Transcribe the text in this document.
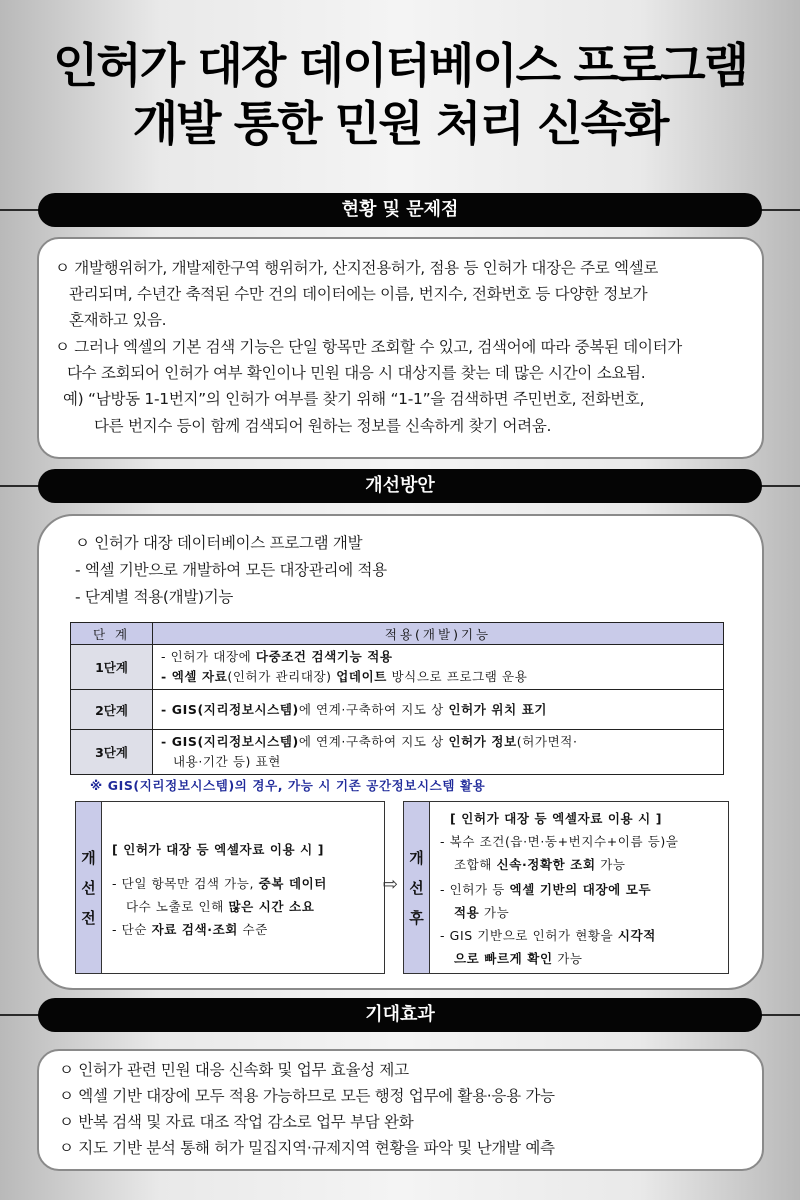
인허가 대장 데이터베이스 프로그램
개발 통한 민원 처리 신속화
현황 및 문제점
ㅇ 개발행위허가, 개발제한구역 행위허가, 산지전용허가, 점용 등 인허가 대장은 주로 엑셀로
관리되며, 수년간 축적된 수만 건의 데이터에는 이름, 번지수, 전화번호 등 다양한 정보가
혼재하고 있음.
ㅇ 그러나 엑셀의 기본 검색 기능은 단일 항목만 조회할 수 있고, 검색어에 따라 중복된 데이터가
다수 조회되어 인허가 여부 확인이나 민원 대응 시 대상지를 찾는 데 많은 시간이 소요됨.
예) “남방동 1-1번지”의 인허가 여부를 찾기 위해 “1-1”을 검색하면 주민번호, 전화번호,
다른 번지수 등이 함께 검색되어 원하는 정보를 신속하게 찾기 어려움.
개선방안
ㅇ 인허가 대장 데이터베이스 프로그램 개발
- 엑셀 기반으로 개발하여 모든 대장관리에 적용
- 단계별 적용(개발)기능
단 계	적용(개발)기능
1단계	- 인허가 대장에 다중조건 검색기능 적용
- 엑셀 자료(인허가 관리대장) 업데이트 방식으로 프로그램 운용

2단계	- GIS(지리정보시스템)에 연계·구축하여 지도 상 인허가 위치 표기

3단계	- GIS(지리정보시스템)에 연계·구축하여 지도 상 인허가 정보(허가면적·
내용·기간 등) 표현
※ GIS(지리정보시스템)의 경우, 가능 시 기존 공간정보시스템 활용
개
선
전
[ 인허가 대장 등 엑셀자료 이용 시 ]
- 단일 항목만 검색 가능, 중복 데이터
다수 노출로 인해 많은 시간 소요
- 단순 자료 검색·조회 수준
⇨
개
선
후
[ 인허가 대장 등 엑셀자료 이용 시 ]
- 복수 조건(읍·면·동+번지수+이름 등)을
조합해 신속·정확한 조회 가능
- 인허가 등 엑셀 기반의 대장에 모두
적용 가능
- GIS 기반으로 인허가 현황을 시각적
으로 빠르게 확인 가능
기대효과
ㅇ 인허가 관련 민원 대응 신속화 및 업무 효율성 제고
ㅇ 엑셀 기반 대장에 모두 적용 가능하므로 모든 행정 업무에 활용·응용 가능
ㅇ 반복 검색 및 자료 대조 작업 감소로 업무 부담 완화
ㅇ 지도 기반 분석 통해 허가 밀집지역·규제지역 현황을 파악 및 난개발 예측
